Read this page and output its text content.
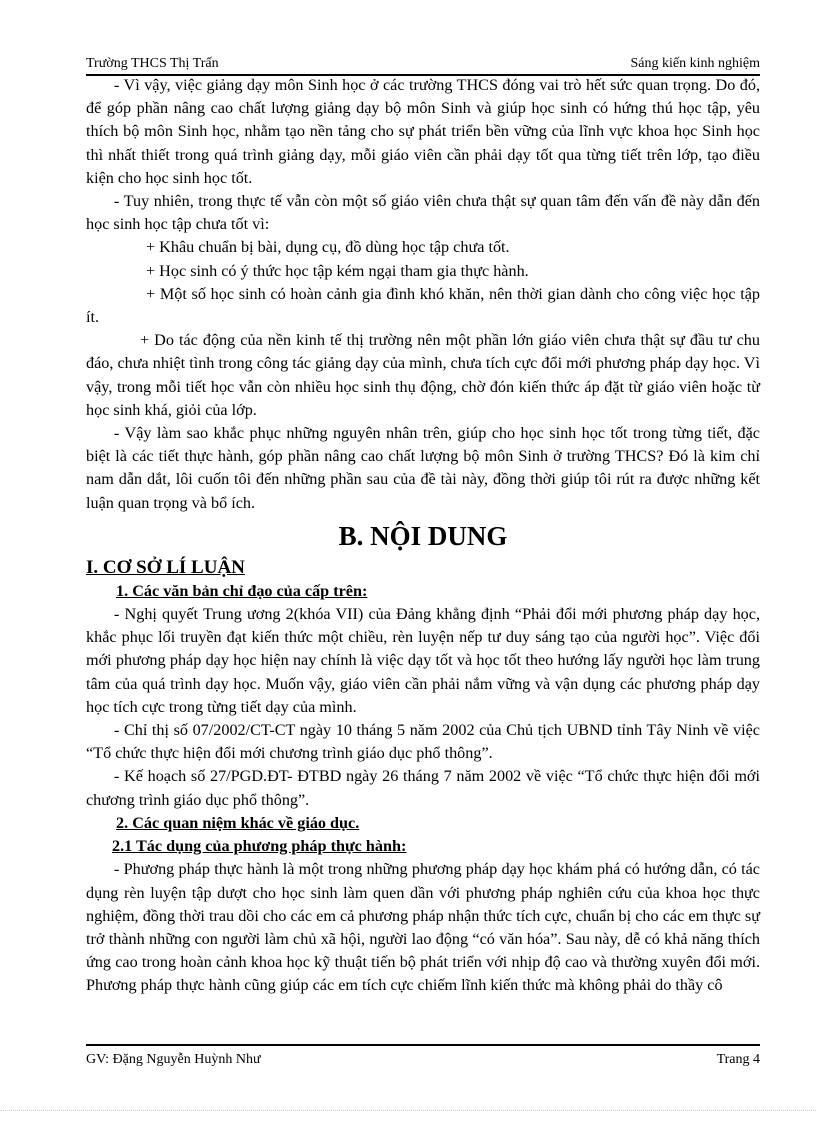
Trường THCS Thị Trấn	Sáng kiến kinh nghiệm

- Vì vậy, việc giảng dạy môn Sinh học ở các trường THCS đóng vai trò hết sức quan trọng. Do đó, để góp phần nâng cao chất lượng giảng dạy bộ môn Sinh và giúp học sinh có hứng thú học tập, yêu thích bộ môn Sinh học, nhằm tạo nền tảng cho sự phát triển bền vững của lĩnh vực khoa học Sinh học thì nhất thiết trong quá trình giảng dạy, mỗi giáo viên cần phải dạy tốt qua từng tiết trên lớp, tạo điều kiện cho học sinh học tốt.

- Tuy nhiên, trong thực tế vẫn còn một số giáo viên chưa thật sự quan tâm đến vấn đề này dẫn đến học sinh học tập chưa tốt vì:

+ Khâu chuẩn bị bài, dụng cụ, đồ dùng học tập chưa tốt.

+ Học sinh có ý thức học tập kém ngại tham gia thực hành.

+ Một số học sinh có hoàn cảnh gia đình khó khăn, nên thời gian dành cho công việc học tập ít.

+ Do tác động của nền kinh tế thị trường nên một phần lớn giáo viên chưa thật sự đầu tư chu đáo, chưa nhiệt tình trong công tác giảng dạy của mình, chưa tích cực đổi mới phương pháp dạy học. Vì vậy, trong mỗi tiết học vẫn còn nhiều học sinh thụ động, chờ đón kiến thức áp đặt từ giáo viên hoặc từ học sinh khá, giỏi của lớp.

- Vậy làm sao khắc phục những nguyên nhân trên, giúp cho học sinh học tốt trong từng tiết, đặc biệt là các tiết thực hành, góp phần nâng cao chất lượng bộ môn Sinh ở trường THCS? Đó là kim chỉ nam dẫn dắt, lôi cuốn tôi đến những phần sau của đề tài này, đồng thời giúp tôi rút ra được những kết luận quan trọng và bổ ích.

B. NỘI DUNG

I. CƠ SỞ LÍ LUẬN

1. Các văn bản chỉ đạo của cấp trên:

- Nghị quyết Trung ương 2(khóa VII) của Đảng khẳng định “Phải đổi mới phương pháp dạy học, khắc phục lối truyền đạt kiến thức một chiều, rèn luyện nếp tư duy sáng tạo của người học”. Việc đổi mới phương pháp dạy học hiện nay chính là việc dạy tốt và học tốt theo hướng lấy người học làm trung tâm của quá trình dạy học. Muốn vậy, giáo viên cần phải nắm vững và vận dụng các phương pháp dạy học tích cực trong từng tiết dạy của mình.

- Chỉ thị số 07/2002/CT-CT ngày 10 tháng 5 năm 2002 của Chủ tịch UBND tỉnh Tây Ninh về việc “Tổ chức thực hiện đổi mới chương trình giáo dục phổ thông”.

- Kế hoạch số 27/PGD.ĐT- ĐTBD ngày 26 tháng 7 năm 2002 về việc “Tổ chức thực hiện đổi mới chương trình giáo dục phổ thông”.

2. Các quan niệm khác về giáo dục.

2.1 Tác dụng của phương pháp thực hành:

- Phương pháp thực hành là một trong những phương pháp dạy học khám phá có hướng dẫn, có tác dụng rèn luyện tập dượt cho học sinh làm quen dần với phương pháp nghiên cứu của khoa học thực nghiệm, đồng thời trau dồi cho các em cả phương pháp nhận thức tích cực, chuẩn bị cho các em thực sự trở thành những con người làm chủ xã hội, người lao động “có văn hóa”. Sau này, dễ có khả năng thích ứng cao trong hoàn cảnh khoa học kỹ thuật tiến bộ phát triển với nhịp độ cao và thường xuyên đổi mới. Phương pháp thực hành cũng giúp các em tích cực chiếm lĩnh kiến thức mà không phải do thầy cô

GV: Đặng Nguyễn Huỳnh Như	Trang 4
